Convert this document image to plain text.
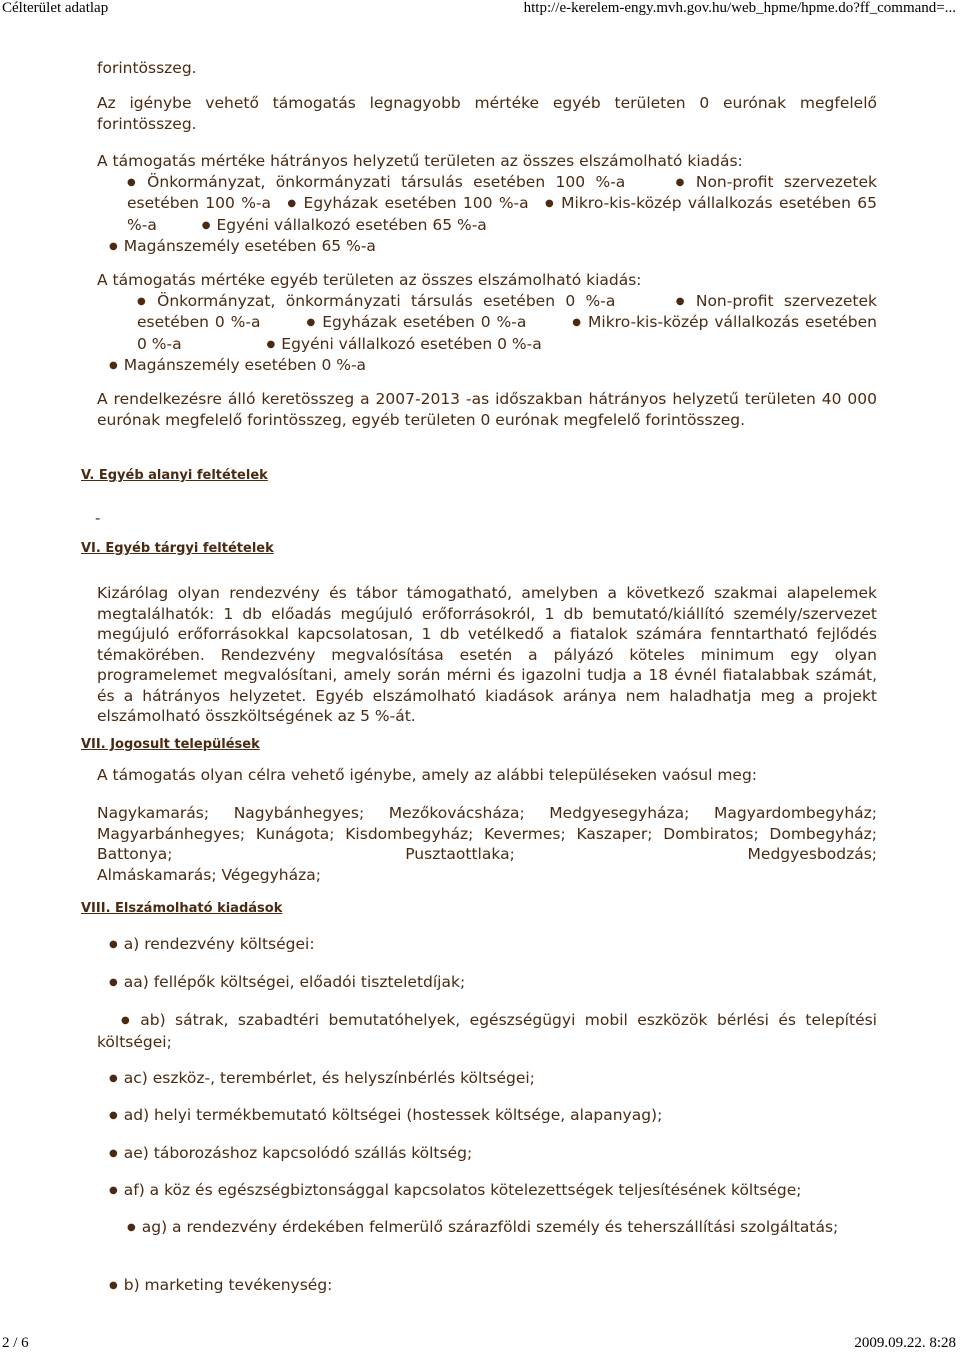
Célterület adatlap	http://e-kerelem-engy.mvh.gov.hu/web_hpme/hpme.do?ff_command=...

forintösszeg.

Az igénybe vehető támogatás legnagyobb mértéke egyéb területen 0 eurónak megfelelő forintösszeg.

A támogatás mértéke hátrányos helyzetű területen az összes elszámolható kiadás:

● Önkormányzat, önkormányzati társulás esetében 100 %-a	● Non-profit szervezetek esetében 100 %-a ● Egyházak esetében 100 %-a ● Mikro-kis-közép vállalkozás esetében 65 %-a	● Egyéni vállalkozó esetében 65 %-a

● Magánszemély esetében 65 %-a

A támogatás mértéke egyéb területen az összes elszámolható kiadás:

● Önkormányzat, önkormányzati társulás esetében 0 %-a	● Non-profit szervezetek esetében 0 %-a	● Egyházak esetében 0 %-a	● Mikro-kis-közép vállalkozás esetében 0 %-a	● Egyéni vállalkozó esetében 0 %-a

● Magánszemély esetében 0 %-a

A rendelkezésre álló keretösszeg a 2007-2013 -as időszakban hátrányos helyzetű területen 40 000 eurónak megfelelő forintösszeg, egyéb területen 0 eurónak megfelelő forintösszeg.

V. Egyéb alanyi feltételek
-
VI. Egyéb tárgyi feltételek

Kizárólag olyan rendezvény és tábor támogatható, amelyben a következő szakmai alapelemek megtalálhatók: 1 db előadás megújuló erőforrásokról, 1 db bemutató/kiállító személy/szervezet megújuló erőforrásokkal kapcsolatosan, 1 db vetélkedő a fiatalok számára fenntartható fejlődés témakörében. Rendezvény megvalósítása esetén a pályázó köteles minimum egy olyan programelemet megvalósítani, amely során mérni és igazolni tudja a 18 évnél fiatalabbak számát, és a hátrányos helyzetet. Egyéb elszámolható kiadások aránya nem haladhatja meg a projekt elszámolható összköltségének az 5 %-át.

VII. Jogosult települések

A támogatás olyan célra vehető igénybe, amely az alábbi településeken vaósul meg:

Nagykamarás; Nagybánhegyes; Mezőkovácsháza; Medgyesegyháza; Magyardombegyház; Magyarbánhegyes; Kunágota; Kisdombegyház; Kevermes; Kaszaper; Dombiratos; Dombegyház; Battonya; Pusztaottlaka; Medgyesbodzás;

Almáskamarás; Végegyháza;

VIII. Elszámolható kiadások
● a) rendezvény költségei:
● aa) fellépők költségei, előadói tiszteletdíjak;
● ab) sátrak, szabadtéri bemutatóhelyek, egészségügyi mobil eszközök bérlési és telepítési költségei;
● ac) eszköz-, terembérlet, és helyszínbérlés költségei;
● ad) helyi termékbemutató költségei (hostessek költsége, alapanyag);
● ae) táborozáshoz kapcsolódó szállás költség;
● af) a köz és egészségbiztonsággal kapcsolatos kötelezettségek teljesítésének költsége;
● ag) a rendezvény érdekében felmerülő szárazföldi személy és teherszállítási szolgáltatás;
● b) marketing tevékenység:
2 / 6	2009.09.22. 8:28
